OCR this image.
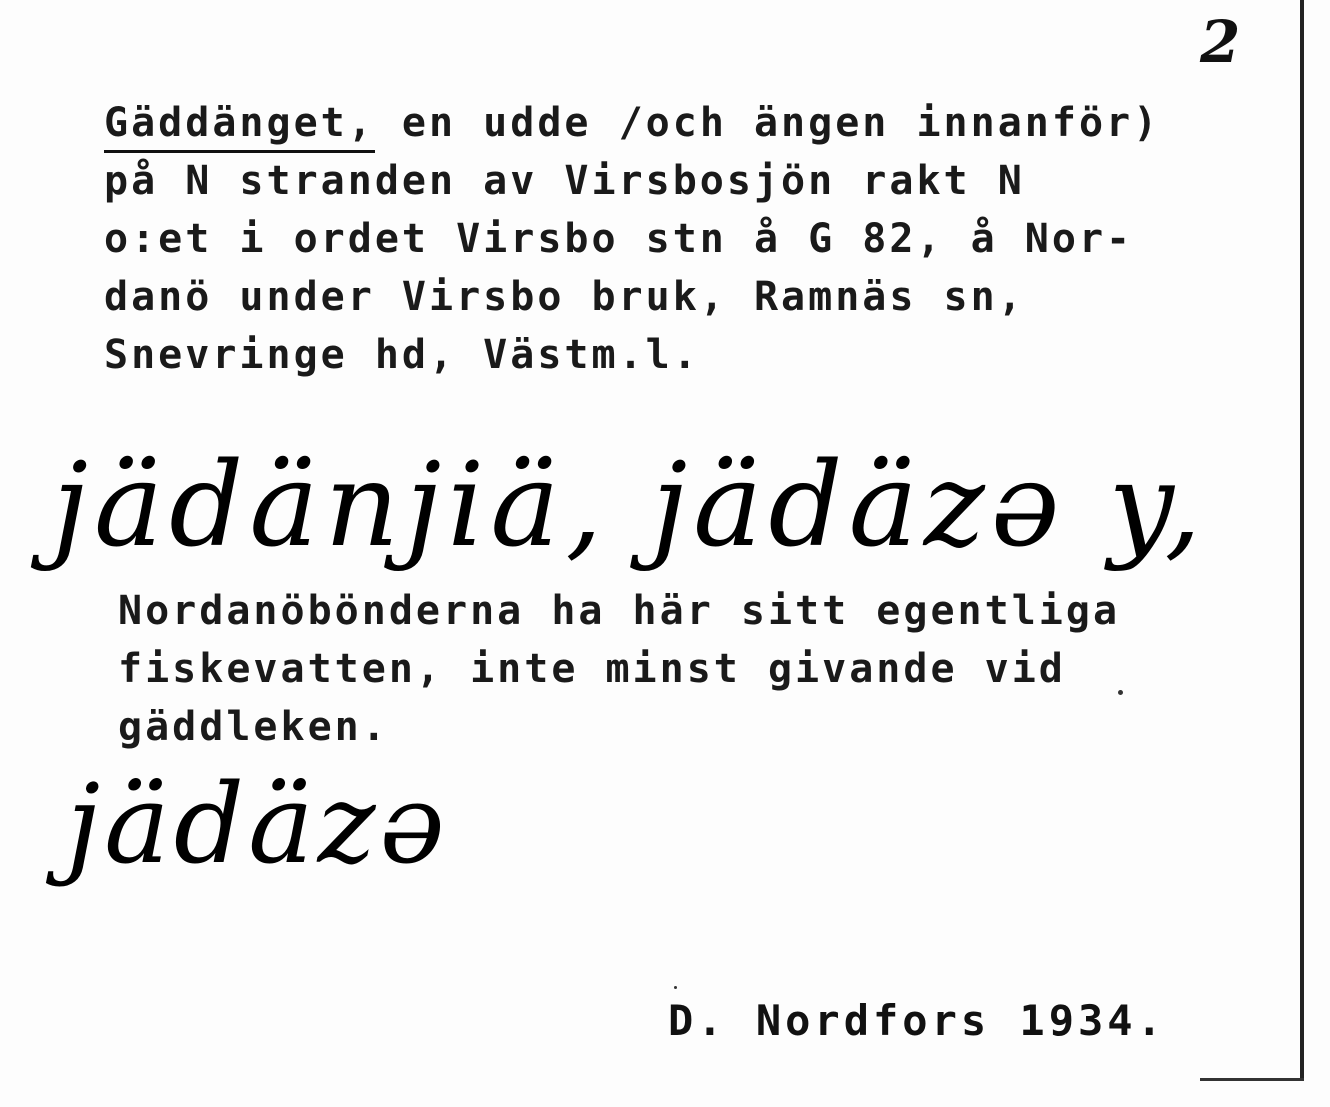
2
Gäddänget, en udde /och ängen innanför)
på N stranden av Virsbosjön rakt N
o:et i ordet Virsbo stn å G 82, å Nor-
danö under Virsbo bruk, Ramnäs sn,
Snevringe hd, Västm.l.
jädänjiä, jädäzə y,
Nordanöbönderna ha här sitt egentliga
fiskevatten, inte minst givande vid
gäddleken.
jädäzə
D. Nordfors 1934.
